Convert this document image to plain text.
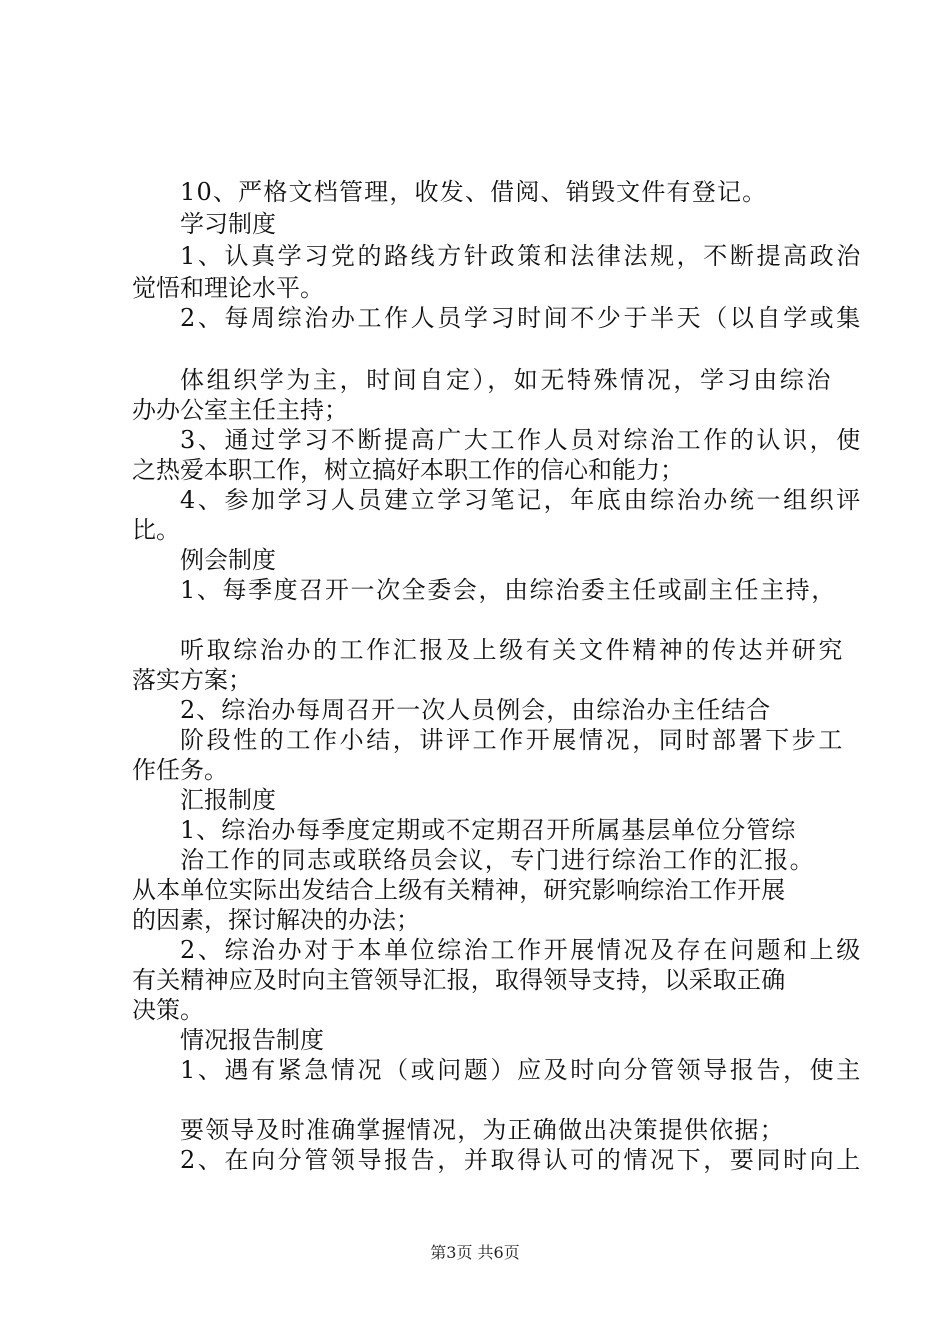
10、严格文档管理，收发、借阅、销毁文件有登记。
学习制度
1、认真学习党的路线方针政策和法律法规，不断提高政治
觉悟和理论水平。
2、每周综治办工作人员学习时间不少于半天（以自学或集
体组织学为主，时间自定），如无特殊情况，学习由综治
办办公室主任主持；
3、通过学习不断提高广大工作人员对综治工作的认识，使
之热爱本职工作，树立搞好本职工作的信心和能力；
4、参加学习人员建立学习笔记，年底由综治办统一组织评
比。
例会制度
1、每季度召开一次全委会，由综治委主任或副主任主持，
听取综治办的工作汇报及上级有关文件精神的传达并研究
落实方案；
2、综治办每周召开一次人员例会，由综治办主任结合
阶段性的工作小结，讲评工作开展情况，同时部署下步工
作任务。
汇报制度
1、综治办每季度定期或不定期召开所属基层单位分管综
治工作的同志或联络员会议，专门进行综治工作的汇报。
从本单位实际出发结合上级有关精神，研究影响综治工作开展
的因素，探讨解决的办法；
2、综治办对于本单位综治工作开展情况及存在问题和上级
有关精神应及时向主管领导汇报，取得领导支持，以采取正确
决策。
情况报告制度
1、遇有紧急情况（或问题）应及时向分管领导报告，使主
要领导及时准确掌握情况，为正确做出决策提供依据；
2、在向分管领导报告，并取得认可的情况下，要同时向上
第3页 共6页
